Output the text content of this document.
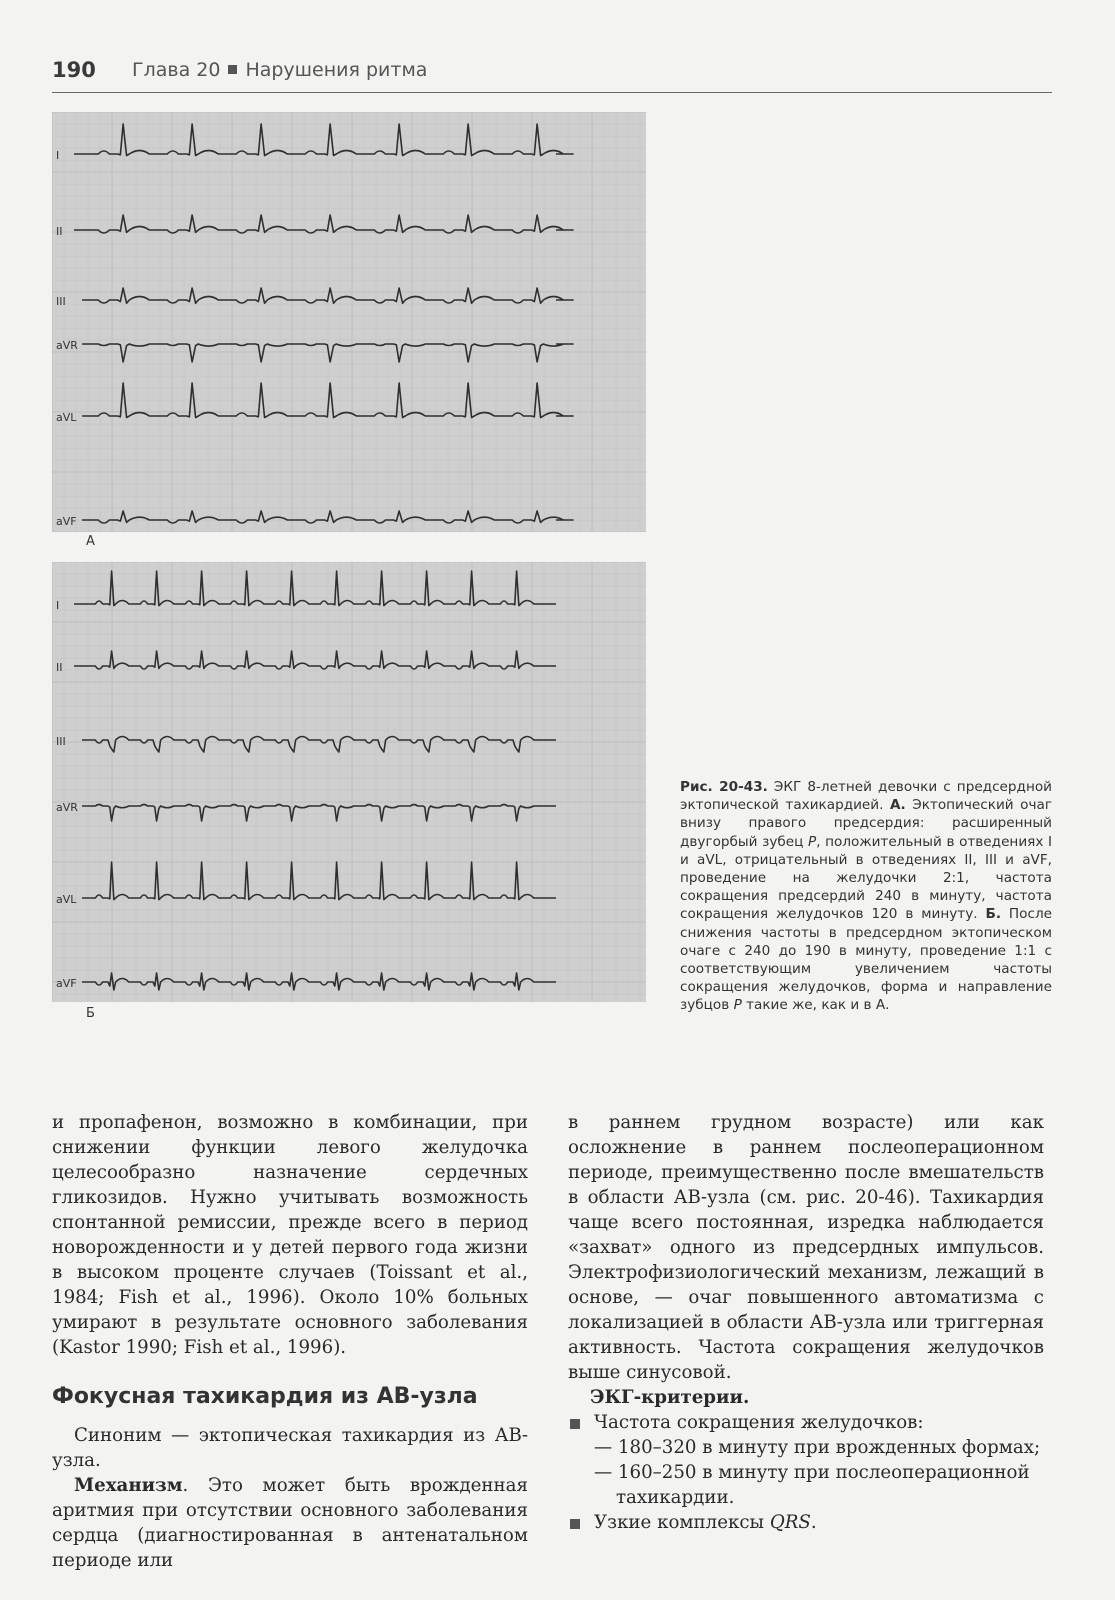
190 Глава 20 Нарушения ритма
I
II
III
aVR
aVL
aVF
А
I
II
III
aVR
aVL
aVF
Б
Рис. 20-43. ЭКГ 8-летней девочки с предсердной эктопической тахикардией. А. Эктопический очаг внизу правого предсердия: расширенный двугорбый зубец P, положительный в отведениях I и aVL, отрицательный в отведениях II, III и aVF, проведение на желудочки 2:1, частота сокращения предсердий 240 в минуту, частота сокращения желудочков 120 в минуту. Б. После снижения частоты в предсердном эктопическом очаге с 240 до 190 в минуту, проведение 1:1 с соответствующим увеличением частоты сокращения желудочков, форма и направление зубцов P такие же, как и в А.

и пропафенон, возможно в комбинации, при снижении функции левого желудочка целесообразно назначение сердечных гликозидов. Нужно учитывать возможность спонтанной ремиссии, прежде всего в период новорожденности и у детей первого года жизни в высоком проценте случаев (Toissant et al., 1984; Fish et al., 1996). Около 10% больных умирают в результате основного заболевания (Kastor 1990; Fish et al., 1996).

Фокусная тахикардия из АВ-узла

Синоним — эктопическая тахикардия из АВ-узла.

Механизм. Это может быть врожденная аритмия при отсутствии основного заболевания сердца (диагностированная в антенатальном периоде или

в раннем грудном возрасте) или как осложнение в раннем послеоперационном периоде, преимущественно после вмешательств в области АВ-узла (см. рис. 20-46). Тахикардия чаще всего постоянная, изредка наблюдается «захват» одного из предсердных импульсов. Электрофизиологический механизм, лежащий в основе, — очаг повышенного автоматизма с локализацией в области АВ-узла или триггерная активность. Частота сокращения желудочков выше синусовой.

ЭКГ-критерии.

Частота сокращения желудочков:

— 180–320 в минуту при врожденных формах;

— 160–250 в минуту при послеоперационной тахикардии.

Узкие комплексы QRS.
